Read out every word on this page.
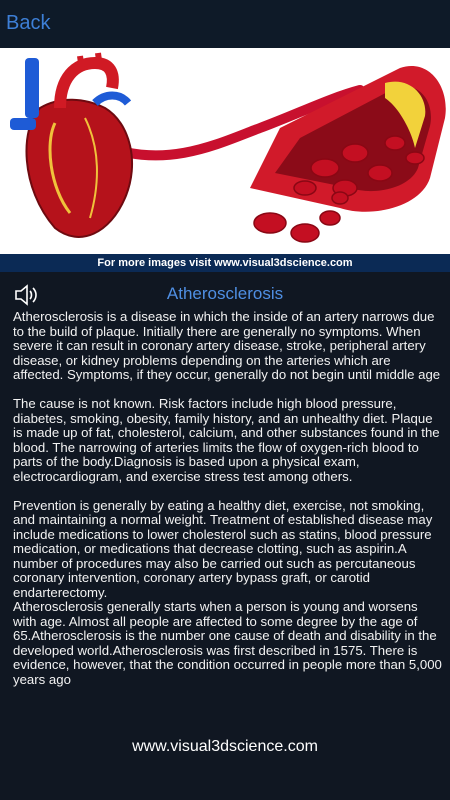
Back
For more images visit www.visual3dscience.com
Atherosclerosis
Atherosclerosis is a disease in which the inside of an artery narrows due to the build of plaque. Initially there are generally no symptoms. When severe it can result in coronary artery disease, stroke, peripheral artery disease, or kidney problems depending on the arteries which are affected. Symptoms, if they occur, generally do not begin until middle age

The cause is not known. Risk factors include high blood pressure, diabetes, smoking, obesity, family history, and an unhealthy diet. Plaque is made up of fat, cholesterol, calcium, and other substances found in the blood. The narrowing of arteries limits the flow of oxygen-rich blood to parts of the body.Diagnosis is based upon a physical exam, electrocardiogram, and exercise stress test among others.

Prevention is generally by eating a healthy diet, exercise, not smoking, and maintaining a normal weight. Treatment of established disease may include medications to lower cholesterol such as statins, blood pressure medication, or medications that decrease clotting, such as aspirin.A number of procedures may also be carried out such as percutaneous coronary intervention, coronary artery bypass graft, or carotid endarterectomy.
Atherosclerosis generally starts when a person is young and worsens with age. Almost all people are affected to some degree by the age of 65.Atherosclerosis is the number one cause of death and disability in the developed world.Atherosclerosis was first described in 1575. There is evidence, however, that the condition occurred in people more than 5,000 years ago
www.visual3dscience.com
